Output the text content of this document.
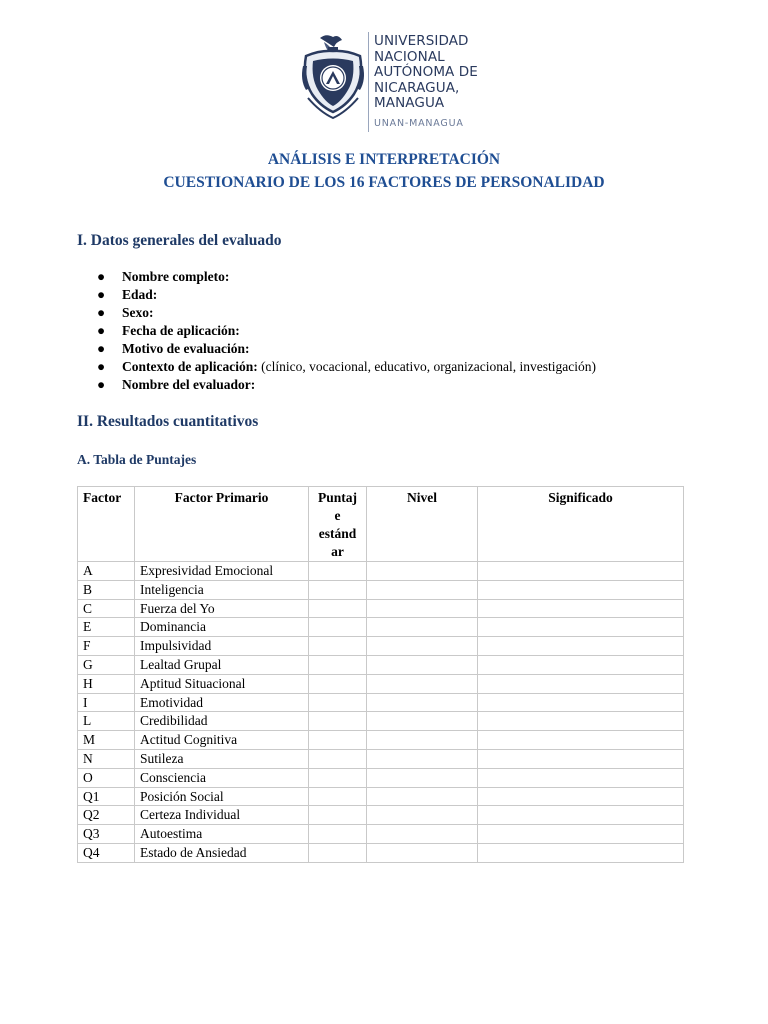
UNIVERSIDAD
NACIONAL
AUTÓNOMA DE
NICARAGUA,
MANAGUA
UNAN-MANAGUA
ANÁLISIS E INTERPRETACIÓN
CUESTIONARIO DE LOS 16 FACTORES DE PERSONALIDAD
I. Datos generales del evaluado
● Nombre completo:
● Edad:
● Sexo:
● Fecha de aplicación:
● Motivo de evaluación:
● Contexto de aplicación: (clínico, vocacional, educativo, organizacional, investigación)
● Nombre del evaluador:
II. Resultados cuantitativos
A. Tabla de Puntajes
Factor	Factor Primario	Puntaj
e
estánd
ar	Nivel	Significado
A	Expresividad Emocional			
B	Inteligencia			
C	Fuerza del Yo			
E	Dominancia			
F	Impulsividad			
G	Lealtad Grupal			
H	Aptitud Situacional			
I	Emotividad			
L	Credibilidad			
M	Actitud Cognitiva			
N	Sutileza			
O	Consciencia			
Q1	Posición Social			
Q2	Certeza Individual			
Q3	Autoestima			
Q4	Estado de Ansiedad			
